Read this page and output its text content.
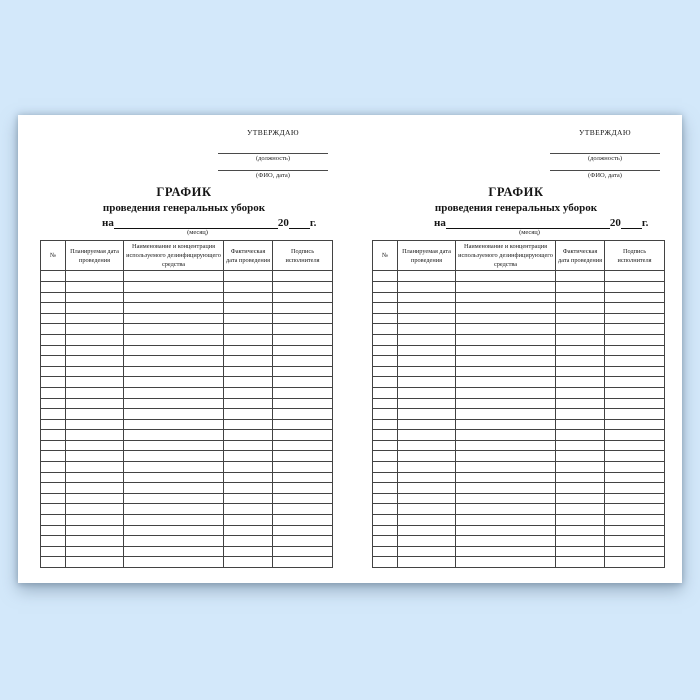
УТВЕРЖДАЮ
(должность)
(ФИО, дата)
ГРАФИК
проведения генеральных уборок
на	20 г.
(месяц)
№	Планируемая дата проведения	Наименование и концентрация используемого дезинфицирующего средства	Фактическая дата проведения	Подпись исполнителя

УТВЕРЖДАЮ
(должность)
(ФИО, дата)
ГРАФИК
проведения генеральных уборок
на	20 г.
(месяц)
№	Планируемая дата проведения	Наименование и концентрация используемого дезинфицирующего средства	Фактическая дата проведения	Подпись исполнителя
